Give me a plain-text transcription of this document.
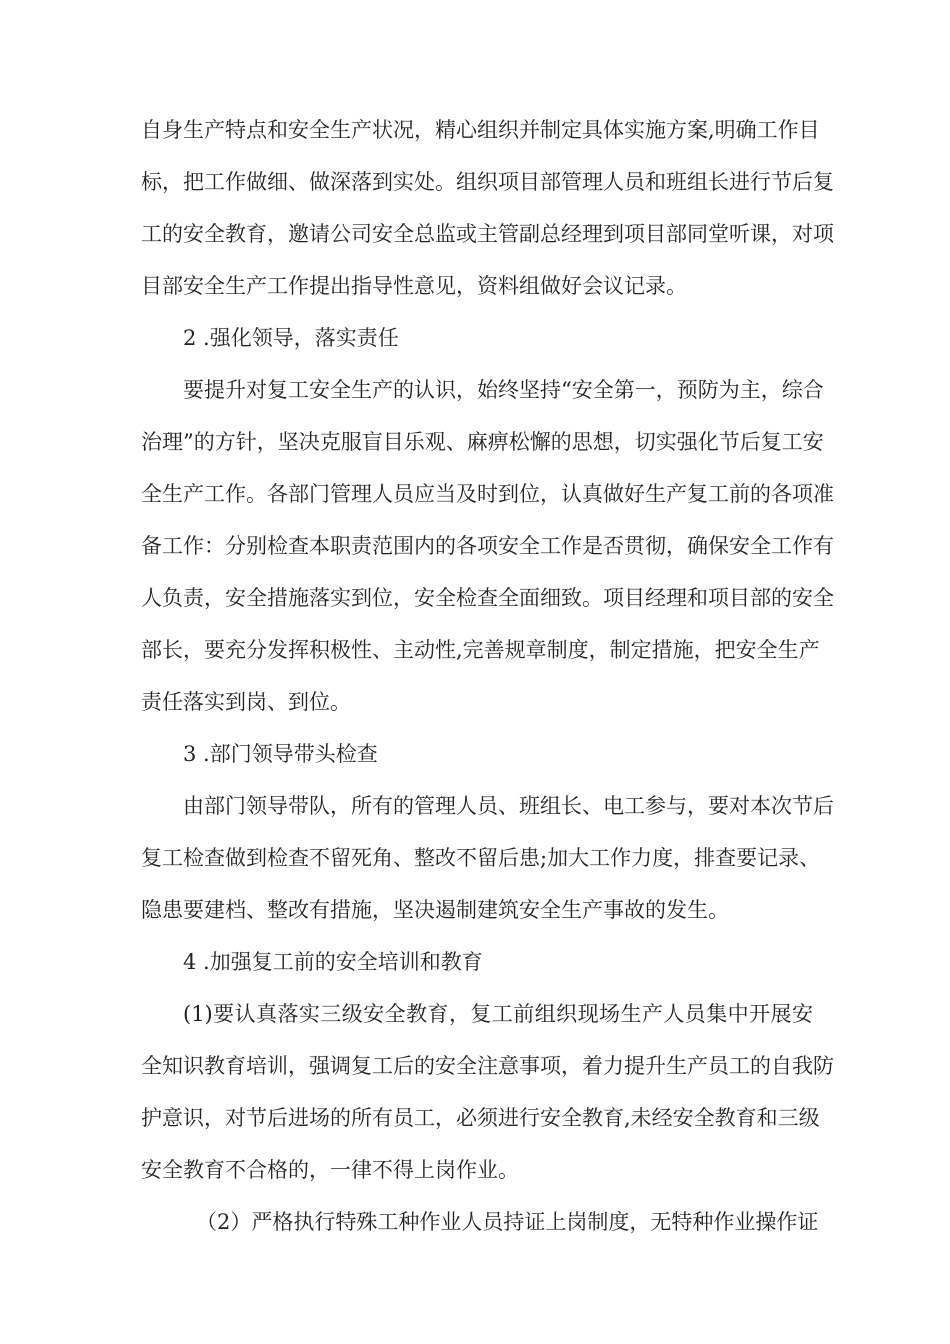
自身生产特点和安全生产状况，精心组织并制定具体实施方案,明确工作目
标，把工作做细、做深落到实处。组织项目部管理人员和班组长进行节后复
工的安全教育，邀请公司安全总监或主管副总经理到项目部同堂听课，对项
目部安全生产工作提出指导性意见，资料组做好会议记录。
2 .强化领导，落实责任
要提升对复工安全生产的认识，始终坚持“安全第一，预防为主，综合
治理”的方针，坚决克服盲目乐观、麻痹松懈的思想，切实强化节后复工安
全生产工作。各部门管理人员应当及时到位，认真做好生产复工前的各项准
备工作：分别检查本职责范围内的各项安全工作是否贯彻，确保安全工作有
人负责，安全措施落实到位，安全检查全面细致。项目经理和项目部的安全
部长，要充分发挥积极性、主动性,完善规章制度，制定措施，把安全生产
责任落实到岗、到位。
3 .部门领导带头检查
由部门领导带队，所有的管理人员、班组长、电工参与，要对本次节后
复工检查做到检查不留死角、整改不留后患;加大工作力度，排查要记录、
隐患要建档、整改有措施，坚决遏制建筑安全生产事故的发生。
4 .加强复工前的安全培训和教育
(1)要认真落实三级安全教育，复工前组织现场生产人员集中开展安
全知识教育培训，强调复工后的安全注意事项，着力提升生产员工的自我防
护意识，对节后进场的所有员工，必须进行安全教育,未经安全教育和三级
安全教育不合格的，一律不得上岗作业。
（2）严格执行特殊工种作业人员持证上岗制度，无特种作业操作证
